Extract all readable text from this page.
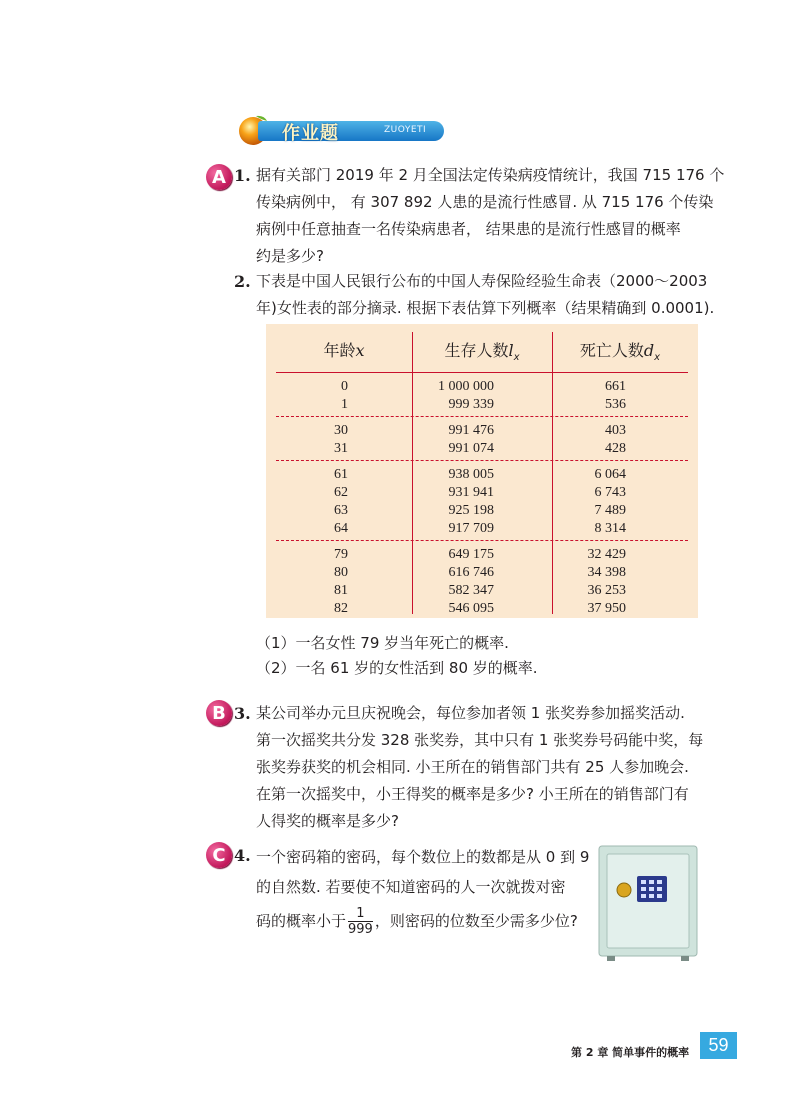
作业题	ZUOYETI
A 1. 据有关部门 2019 年 2 月全国法定传染病疫情统计，我国 715 176 个
传染病例中， 有 307 892 人患的是流行性感冒. 从 715 176 个传染
病例中任意抽查一名传染病患者， 结果患的是流行性感冒的概率
约是多少?
2. 下表是中国人民银行公布的中国人寿保险经验生命表（2000～2003
年)女性表的部分摘录. 根据下表估算下列概率（结果精确到 0.0001).
年龄x	生存人数$l_x$	死亡人数$d_x$
0	1 000 000	661
1	999 339	536
30	991 476	403
31	991 074	428
61	938 005	6 064
62	931 941	6 743
63	925 198	7 489
64	917 709	8 314
79	649 175	32 429
80	616 746	34 398
81	582 347	36 253
82	546 095	37 950
（1）一名女性 79 岁当年死亡的概率.
（2）一名 61 岁的女性活到 80 岁的概率.
B 3. 某公司举办元旦庆祝晚会，每位参加者领 1 张奖券参加摇奖活动.
第一次摇奖共分发 328 张奖券，其中只有 1 张奖券号码能中奖，每
张奖券获奖的机会相同. 小王所在的销售部门共有 25 人参加晚会.
在第一次摇奖中，小王得奖的概率是多少? 小王所在的销售部门有
人得奖的概率是多少?
C 4. 一个密码箱的密码，每个数位上的数都是从 0 到 9
的自然数. 若要使不知道密码的人一次就拨对密
码的概率小于 $\frac{1}{999}$ ，则密码的位数至少需多少位?
第 2 章 简单事件的概率	59
